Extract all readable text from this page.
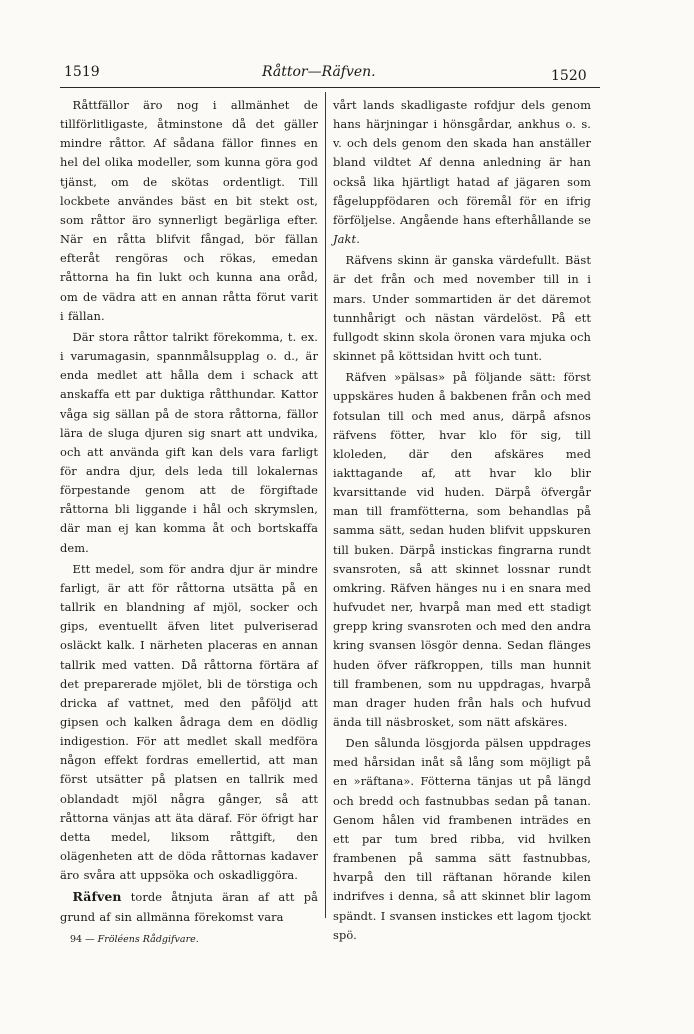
1519	Råttor—Räfven.	1520

Råttfällor äro nog i allmänhet de tillförlitligaste, åtminstone då det gäller mindre råttor. Af sådana fällor finnes en hel del olika modeller, som kunna göra god tjänst, om de skötas ordentligt. Till lockbete användes bäst en bit stekt ost, som råttor äro synnerligt begärliga efter. När en råtta blifvit fångad, bör fällan efteråt rengöras och rökas, emedan råttorna ha fin lukt och kunna ana oråd, om de vädra att en annan råtta förut varit i fällan.

Där stora råttor talrikt förekomma, t. ex. i varumagasin, spannmålsupplag o. d., är enda medlet att hålla dem i schack att anskaffa ett par duktiga råtthundar. Kattor våga sig sällan på de stora råttorna, fällor lära de sluga djuren sig snart att undvika, och att använda gift kan dels vara farligt för andra djur, dels leda till lokalernas förpestande genom att de förgiftade råttorna bli liggande i hål och skrymslen, där man ej kan komma åt och bortskaffa dem.

Ett medel, som för andra djur är mindre farligt, är att för råttorna utsätta på en tallrik en blandning af mjöl, socker och gips, eventuellt äfven litet pulveriserad osläckt kalk. I närheten placeras en annan tallrik med vatten. Då råttorna förtära af det preparerade mjölet, bli de törstiga och dricka af vattnet, med den påföljd att gipsen och kalken ådraga dem en dödlig indigestion. För att medlet skall medföra någon effekt fordras emellertid, att man först utsätter på platsen en tallrik med oblandadt mjöl några gånger, så att råttorna vänjas att äta däraf. För öfrigt har detta medel, liksom råttgift, den olägenheten att de döda råttornas kadaver äro svåra att uppsöka och oskadliggöra.

Räfven torde åtnjuta äran af att på grund af sin allmänna förekomst vara

vårt lands skadligaste rofdjur dels genom hans härjningar i hönsgårdar, ankhus o. s. v. och dels genom den skada han anställer bland vildtet Af denna anledning är han också lika hjärtligt hatad af jägaren som fågeluppfödaren och föremål för en ifrig förföljelse. Angående hans efterhållande se Jakt.

Räfvens skinn är ganska värdefullt. Bäst är det från och med november till in i mars. Under sommartiden är det däremot tunnhårigt och nästan värdelöst. På ett fullgodt skinn skola öronen vara mjuka och skinnet på köttsidan hvitt och tunt.

Räfven »pälsas» på följande sätt: först uppskäres huden å bakbenen från och med fotsulan till och med anus, därpå afsnos räfvens fötter, hvar klo för sig, till kloleden, där den afskäres med iakttagande af, att hvar klo blir kvarsittande vid huden. Därpå öfvergår man till framfötterna, som behandlas på samma sätt, sedan huden blifvit uppskuren till buken. Därpå instickas fingrarna rundt svansroten, så att skinnet lossnar rundt omkring. Räfven hänges nu i en snara med hufvudet ner, hvarpå man med ett stadigt grepp kring svansroten och med den andra kring svansen lösgör denna. Sedan flänges huden öfver räfkroppen, tills man hunnit till frambenen, som nu uppdragas, hvarpå man drager huden från hals och hufvud ända till näsbrosket, som nätt afskäres.

Den sålunda lösgjorda pälsen uppdrages med hårsidan inåt så lång som möjligt på en »räftana». Fötterna tänjas ut på längd och bredd och fastnubbas sedan på tanan. Genom hålen vid frambenen inträdes en ett par tum bred ribba, vid hvilken frambenen på samma sätt fastnubbas, hvarpå den till räftanan hörande kilen indrifves i denna, så att skinnet blir lagom spändt. I svansen instickes ett lagom tjockt spö.

94 — Fröléens Rådgifvare.
